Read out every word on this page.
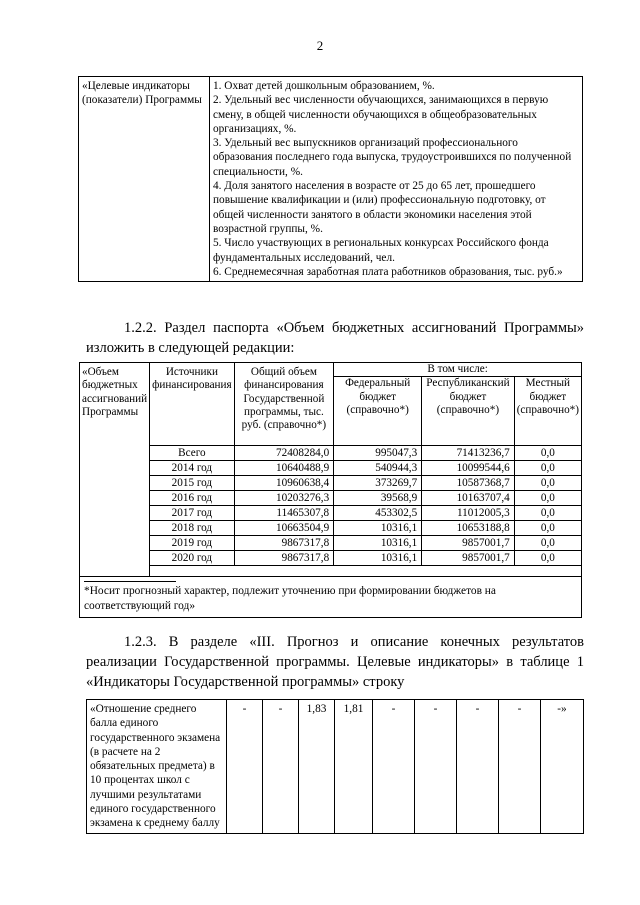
2
«Целевые индикаторы (показатели) Программы	
1. Охват детей дошкольным образованием, %.
2. Удельный вес численности обучающихся, занимающихся в первую смену, в общей численности обучающихся в общеобразовательных организациях, %.
3. Удельный вес выпускников организаций профессионального образования последнего года выпуска, трудоустроившихся по полученной специальности, %.
4. Доля занятого населения в возрасте от 25 до 65 лет, прошедшего повышение квалификации и (или) профессиональную подготовку, от общей численности занятого в области экономики населения этой возрастной группы, %.
5. Число участвующих в региональных конкурсах Российского фонда фундаментальных исследований, чел.
6. Среднемесячная заработная плата работников образования, тыс. руб.»
1.2.2. Раздел паспорта «Объем бюджетных ассигнований Программы» изложить в следующей редакции:
«Объем бюджетных ассигнований Программы	Источники финансирования	Общий объем финансирования Государственной программы, тыс. руб. (справочно*)	В том числе:		
			Федеральный бюджет (справочно*)	Республиканский бюджет (справочно*)	Местный бюджет (справочно*)
	Всего	72408284,0	995047,3	71413236,7	0,0
	2014 год	10640488,9	540944,3	10099544,6	0,0
	2015 год	10960638,4	373269,7	10587368,7	0,0
	2016 год	10203276,3	39568,9	10163707,4	0,0
	2017 год	11465307,8	453302,5	11012005,3	0,0
	2018 год	10663504,9	10316,1	10653188,8	0,0
	2019 год	9867317,8	10316,1	9857001,7	0,0
	2020 год	9867317,8	10316,1	9857001,7	0,0

*Носит прогнозный характер, подлежит уточнению при формировании бюджетов на соответствующий год»					
1.2.3. В разделе «III. Прогноз и описание конечных результатов реализации Государственной программы. Целевые индикаторы» в таблице 1 «Индикаторы Государственной программы» строку
«Отношение среднего балла единого государственного экзамена (в расчете на 2 обязательных предмета) в 10 процентах школ с лучшими результатами единого государственного экзамена к среднему баллу	-	-	1,83	1,81	-	-	-	-	-»
